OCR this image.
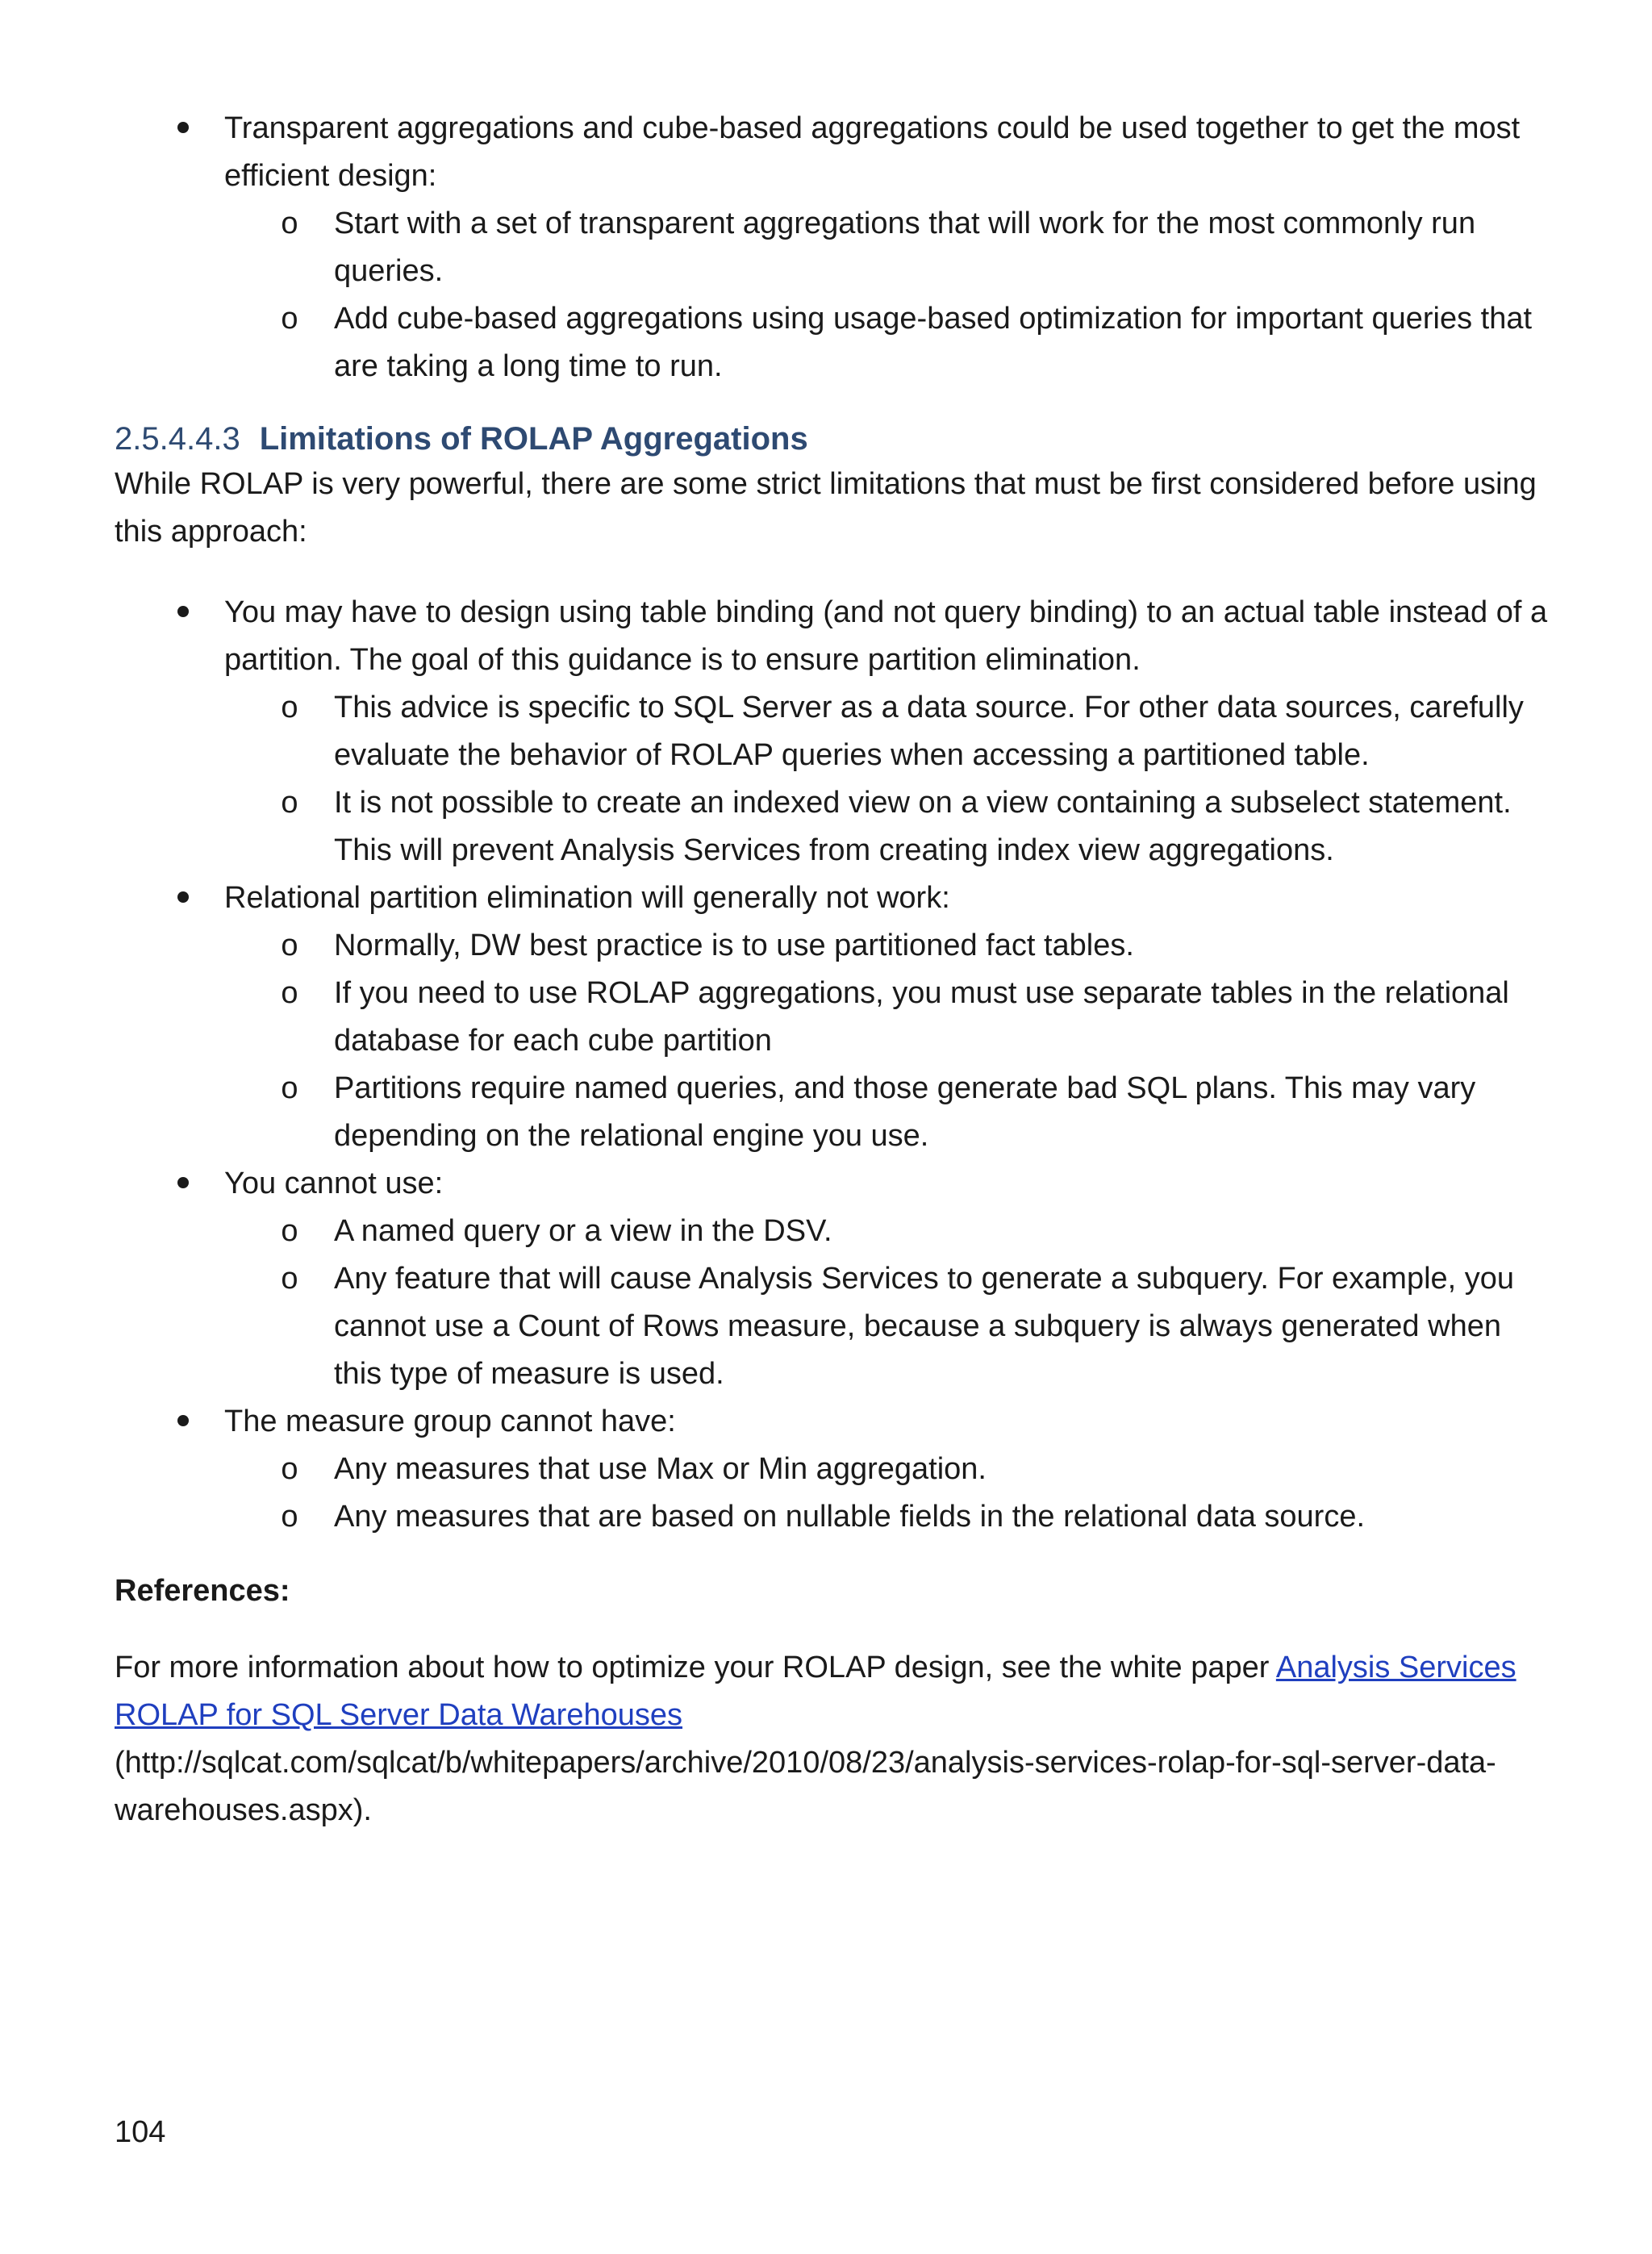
Transparent aggregations and cube-based aggregations could be used together to get the most efficient design:
o Start with a set of transparent aggregations that will work for the most commonly run queries.
o Add cube-based aggregations using usage-based optimization for important queries that are taking a long time to run.
2.5.4.4.3 Limitations of ROLAP Aggregations
While ROLAP is very powerful, there are some strict limitations that must be first considered before using this approach:
You may have to design using table binding (and not query binding) to an actual table instead of a partition. The goal of this guidance is to ensure partition elimination.
o This advice is specific to SQL Server as a data source. For other data sources, carefully evaluate the behavior of ROLAP queries when accessing a partitioned table.
o It is not possible to create an indexed view on a view containing a subselect statement. This will prevent Analysis Services from creating index view aggregations.
Relational partition elimination will generally not work:
o Normally, DW best practice is to use partitioned fact tables.
o If you need to use ROLAP aggregations, you must use separate tables in the relational database for each cube partition
o Partitions require named queries, and those generate bad SQL plans. This may vary depending on the relational engine you use.
You cannot use:
o A named query or a view in the DSV.
o Any feature that will cause Analysis Services to generate a subquery. For example, you cannot use a Count of Rows measure, because a subquery is always generated when this type of measure is used.
The measure group cannot have:
o Any measures that use Max or Min aggregation.
o Any measures that are based on nullable fields in the relational data source.
References:
For more information about how to optimize your ROLAP design, see the white paper Analysis Services ROLAP for SQL Server Data Warehouses
(http://sqlcat.com/sqlcat/b/whitepapers/archive/2010/08/23/analysis-services-rolap-for-sql-server-data-warehouses.aspx).
104
